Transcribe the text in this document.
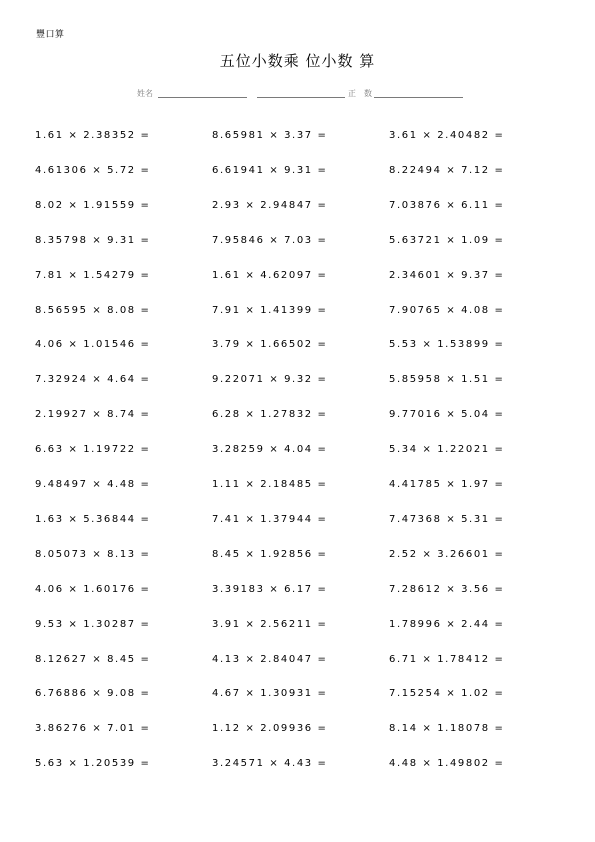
豐口算
五位小数乘 位小数 算
姓名	正 数
1.61 × 2.38352 =	8.65981 × 3.37 =	3.61 × 2.40482 =
4.61306 × 5.72 =	6.61941 × 9.31 =	8.22494 × 7.12 =
8.02 × 1.91559 =	2.93 × 2.94847 =	7.03876 × 6.11 =
8.35798 × 9.31 =	7.95846 × 7.03 =	5.63721 × 1.09 =
7.81 × 1.54279 =	1.61 × 4.62097 =	2.34601 × 9.37 =
8.56595 × 8.08 =	7.91 × 1.41399 =	7.90765 × 4.08 =
4.06 × 1.01546 =	3.79 × 1.66502 =	5.53 × 1.53899 =
7.32924 × 4.64 =	9.22071 × 9.32 =	5.85958 × 1.51 =
2.19927 × 8.74 =	6.28 × 1.27832 =	9.77016 × 5.04 =
6.63 × 1.19722 =	3.28259 × 4.04 =	5.34 × 1.22021 =
9.48497 × 4.48 =	1.11 × 2.18485 =	4.41785 × 1.97 =
1.63 × 5.36844 =	7.41 × 1.37944 =	7.47368 × 5.31 =
8.05073 × 8.13 =	8.45 × 1.92856 =	2.52 × 3.26601 =
4.06 × 1.60176 =	3.39183 × 6.17 =	7.28612 × 3.56 =
9.53 × 1.30287 =	3.91 × 2.56211 =	1.78996 × 2.44 =
8.12627 × 8.45 =	4.13 × 2.84047 =	6.71 × 1.78412 =
6.76886 × 9.08 =	4.67 × 1.30931 =	7.15254 × 1.02 =
3.86276 × 7.01 =	1.12 × 2.09936 =	8.14 × 1.18078 =
5.63 × 1.20539 =	3.24571 × 4.43 =	4.48 × 1.49802 =
